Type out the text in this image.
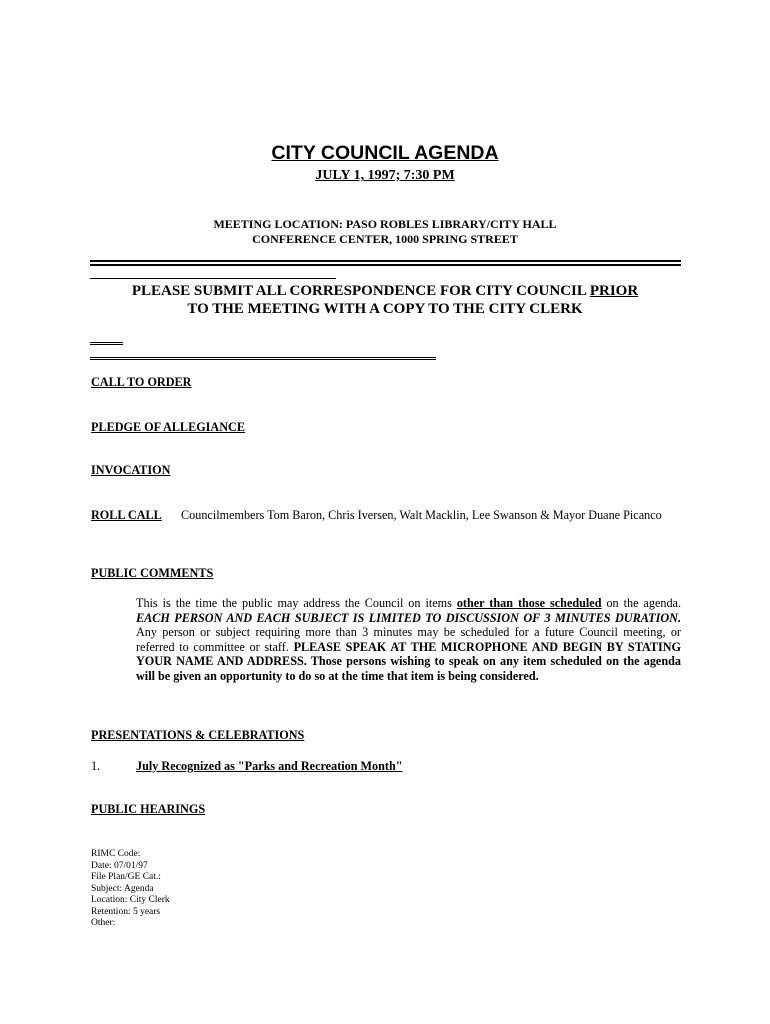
CITY COUNCIL AGENDA
JULY 1, 1997; 7:30 PM
MEETING LOCATION: PASO ROBLES LIBRARY/CITY HALL
CONFERENCE CENTER, 1000 SPRING STREET
PLEASE SUBMIT ALL CORRESPONDENCE FOR CITY COUNCIL PRIOR
TO THE MEETING WITH A COPY TO THE CITY CLERK
CALL TO ORDER
PLEDGE OF ALLEGIANCE
INVOCATION
ROLL CALL Councilmembers Tom Baron, Chris Iversen, Walt Macklin, Lee Swanson & Mayor Duane Picanco
PUBLIC COMMENTS
This is the time the public may address the Council on items other than those scheduled on the agenda. EACH PERSON AND EACH SUBJECT IS LIMITED TO DISCUSSION OF 3 MINUTES DURATION. Any person or subject requiring more than 3 minutes may be scheduled for a future Council meeting, or referred to committee or staff. PLEASE SPEAK AT THE MICROPHONE AND BEGIN BY STATING YOUR NAME AND ADDRESS. Those persons wishing to speak on any item scheduled on the agenda will be given an opportunity to do so at the time that item is being considered.
PRESENTATIONS & CELEBRATIONS
1.	July Recognized as "Parks and Recreation Month"
PUBLIC HEARINGS
RIMC Code:
Date: 07/01/97
File Plan/GE Cat.:
Subject: Agenda
Location: City Clerk
Retention: 5 years
Other:
